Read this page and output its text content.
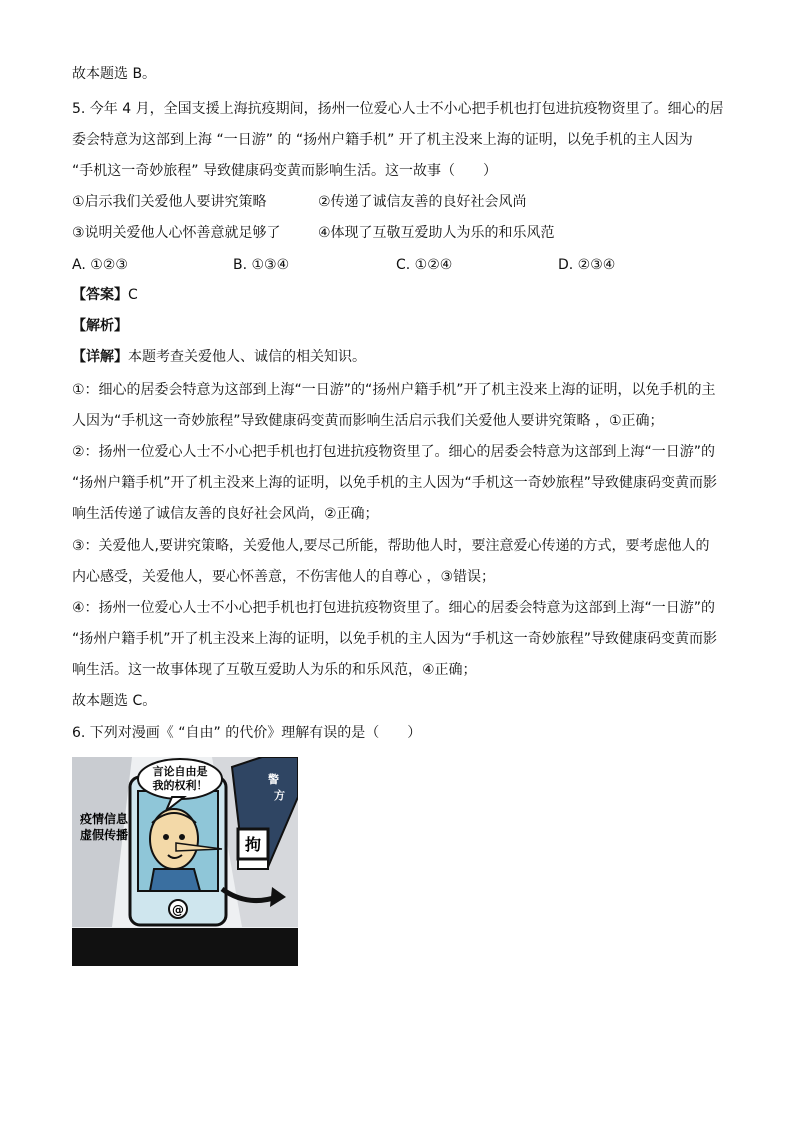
故本题选 B。
5. 今年 4 月，全国支援上海抗疫期间，扬州一位爱心人士不小心把手机也打包进抗疫物资里了。细心的居
委会特意为这部到上海 “一日游” 的 “扬州户籍手机” 开了机主没来上海的证明，以免手机的主人因为
“手机这一奇妙旅程” 导致健康码变黄而影响生活。这一故事（　　）
①启示我们关爱他人要讲究策略	②传递了诚信友善的良好社会风尚
③说明关爱他人心怀善意就足够了	④体现了互敬互爱助人为乐的和乐风范
A. ①②③	B. ①③④	C. ①②④	D. ②③④
【答案】C
【解析】
【详解】本题考查关爱他人、诚信的相关知识。
①：细心的居委会特意为这部到上海“一日游”的“扬州户籍手机”开了机主没来上海的证明，以免手机的主
人因为“手机这一奇妙旅程”导致健康码变黄而影响生活启示我们关爱他人要讲究策略 ，①正确；
②：扬州一位爱心人士不小心把手机也打包进抗疫物资里了。细心的居委会特意为这部到上海“一日游”的
“扬州户籍手机”开了机主没来上海的证明，以免手机的主人因为“手机这一奇妙旅程”导致健康码变黄而影
响生活传递了诚信友善的良好社会风尚，②正确；
③：关爱他人,要讲究策略，关爱他人,要尽己所能，帮助他人时，要注意爱心传递的方式，要考虑他人的
内心感受，关爱他人，要心怀善意，不伤害他人的自尊心 ，③错误；
④：扬州一位爱心人士不小心把手机也打包进抗疫物资里了。细心的居委会特意为这部到上海“一日游”的
“扬州户籍手机”开了机主没来上海的证明，以免手机的主人因为“手机这一奇妙旅程”导致健康码变黄而影
响生活。这一故事体现了互敬互爱助人为乐的和乐风范，④正确；
故本题选 C。
6. 下列对漫画《 “自由” 的代价》理解有误的是（　　）
言论自由是
我的权利！
疫情信息
虚假传播
警
方
拘
@
